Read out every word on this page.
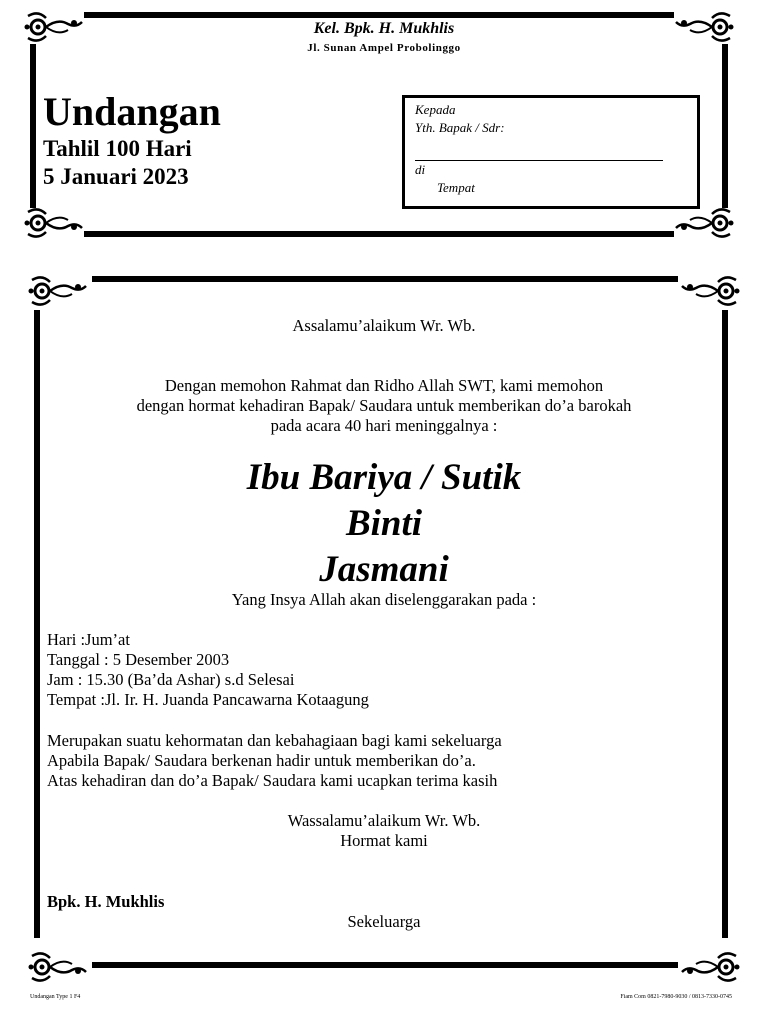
Kel. Bpk. H. Mukhlis
Jl. Sunan Ampel Probolinggo
Undangan
Tahlil 100 Hari
5 Januari 2023
Kepada
Yth. Bapak / Sdr:
di
Tempat
Assalamu’alaikum Wr. Wb.
Dengan memohon Rahmat dan Ridho Allah SWT, kami memohon
dengan hormat kehadiran Bapak/ Saudara untuk memberikan do’a barokah
pada acara 40 hari meninggalnya :
Ibu Bariya / Sutik
Binti
Jasmani
Yang Insya Allah akan diselenggarakan pada :
Hari :Jum’at
Tanggal : 5 Desember 2003
Jam : 15.30 (Ba’da Ashar) s.d Selesai
Tempat :Jl. Ir. H. Juanda Pancawarna Kotaagung
Merupakan suatu kehormatan dan kebahagiaan bagi kami sekeluarga
Apabila Bapak/ Saudara berkenan hadir untuk memberikan do’a.
Atas kehadiran dan do’a Bapak/ Saudara kami ucapkan terima kasih
Wassalamu’alaikum Wr. Wb.
Hormat kami
Bpk. H. Mukhlis
Sekeluarga
Undangan Type 1 F4	Fiam Com 0821-7980-9030 / 0813-7330-0745
